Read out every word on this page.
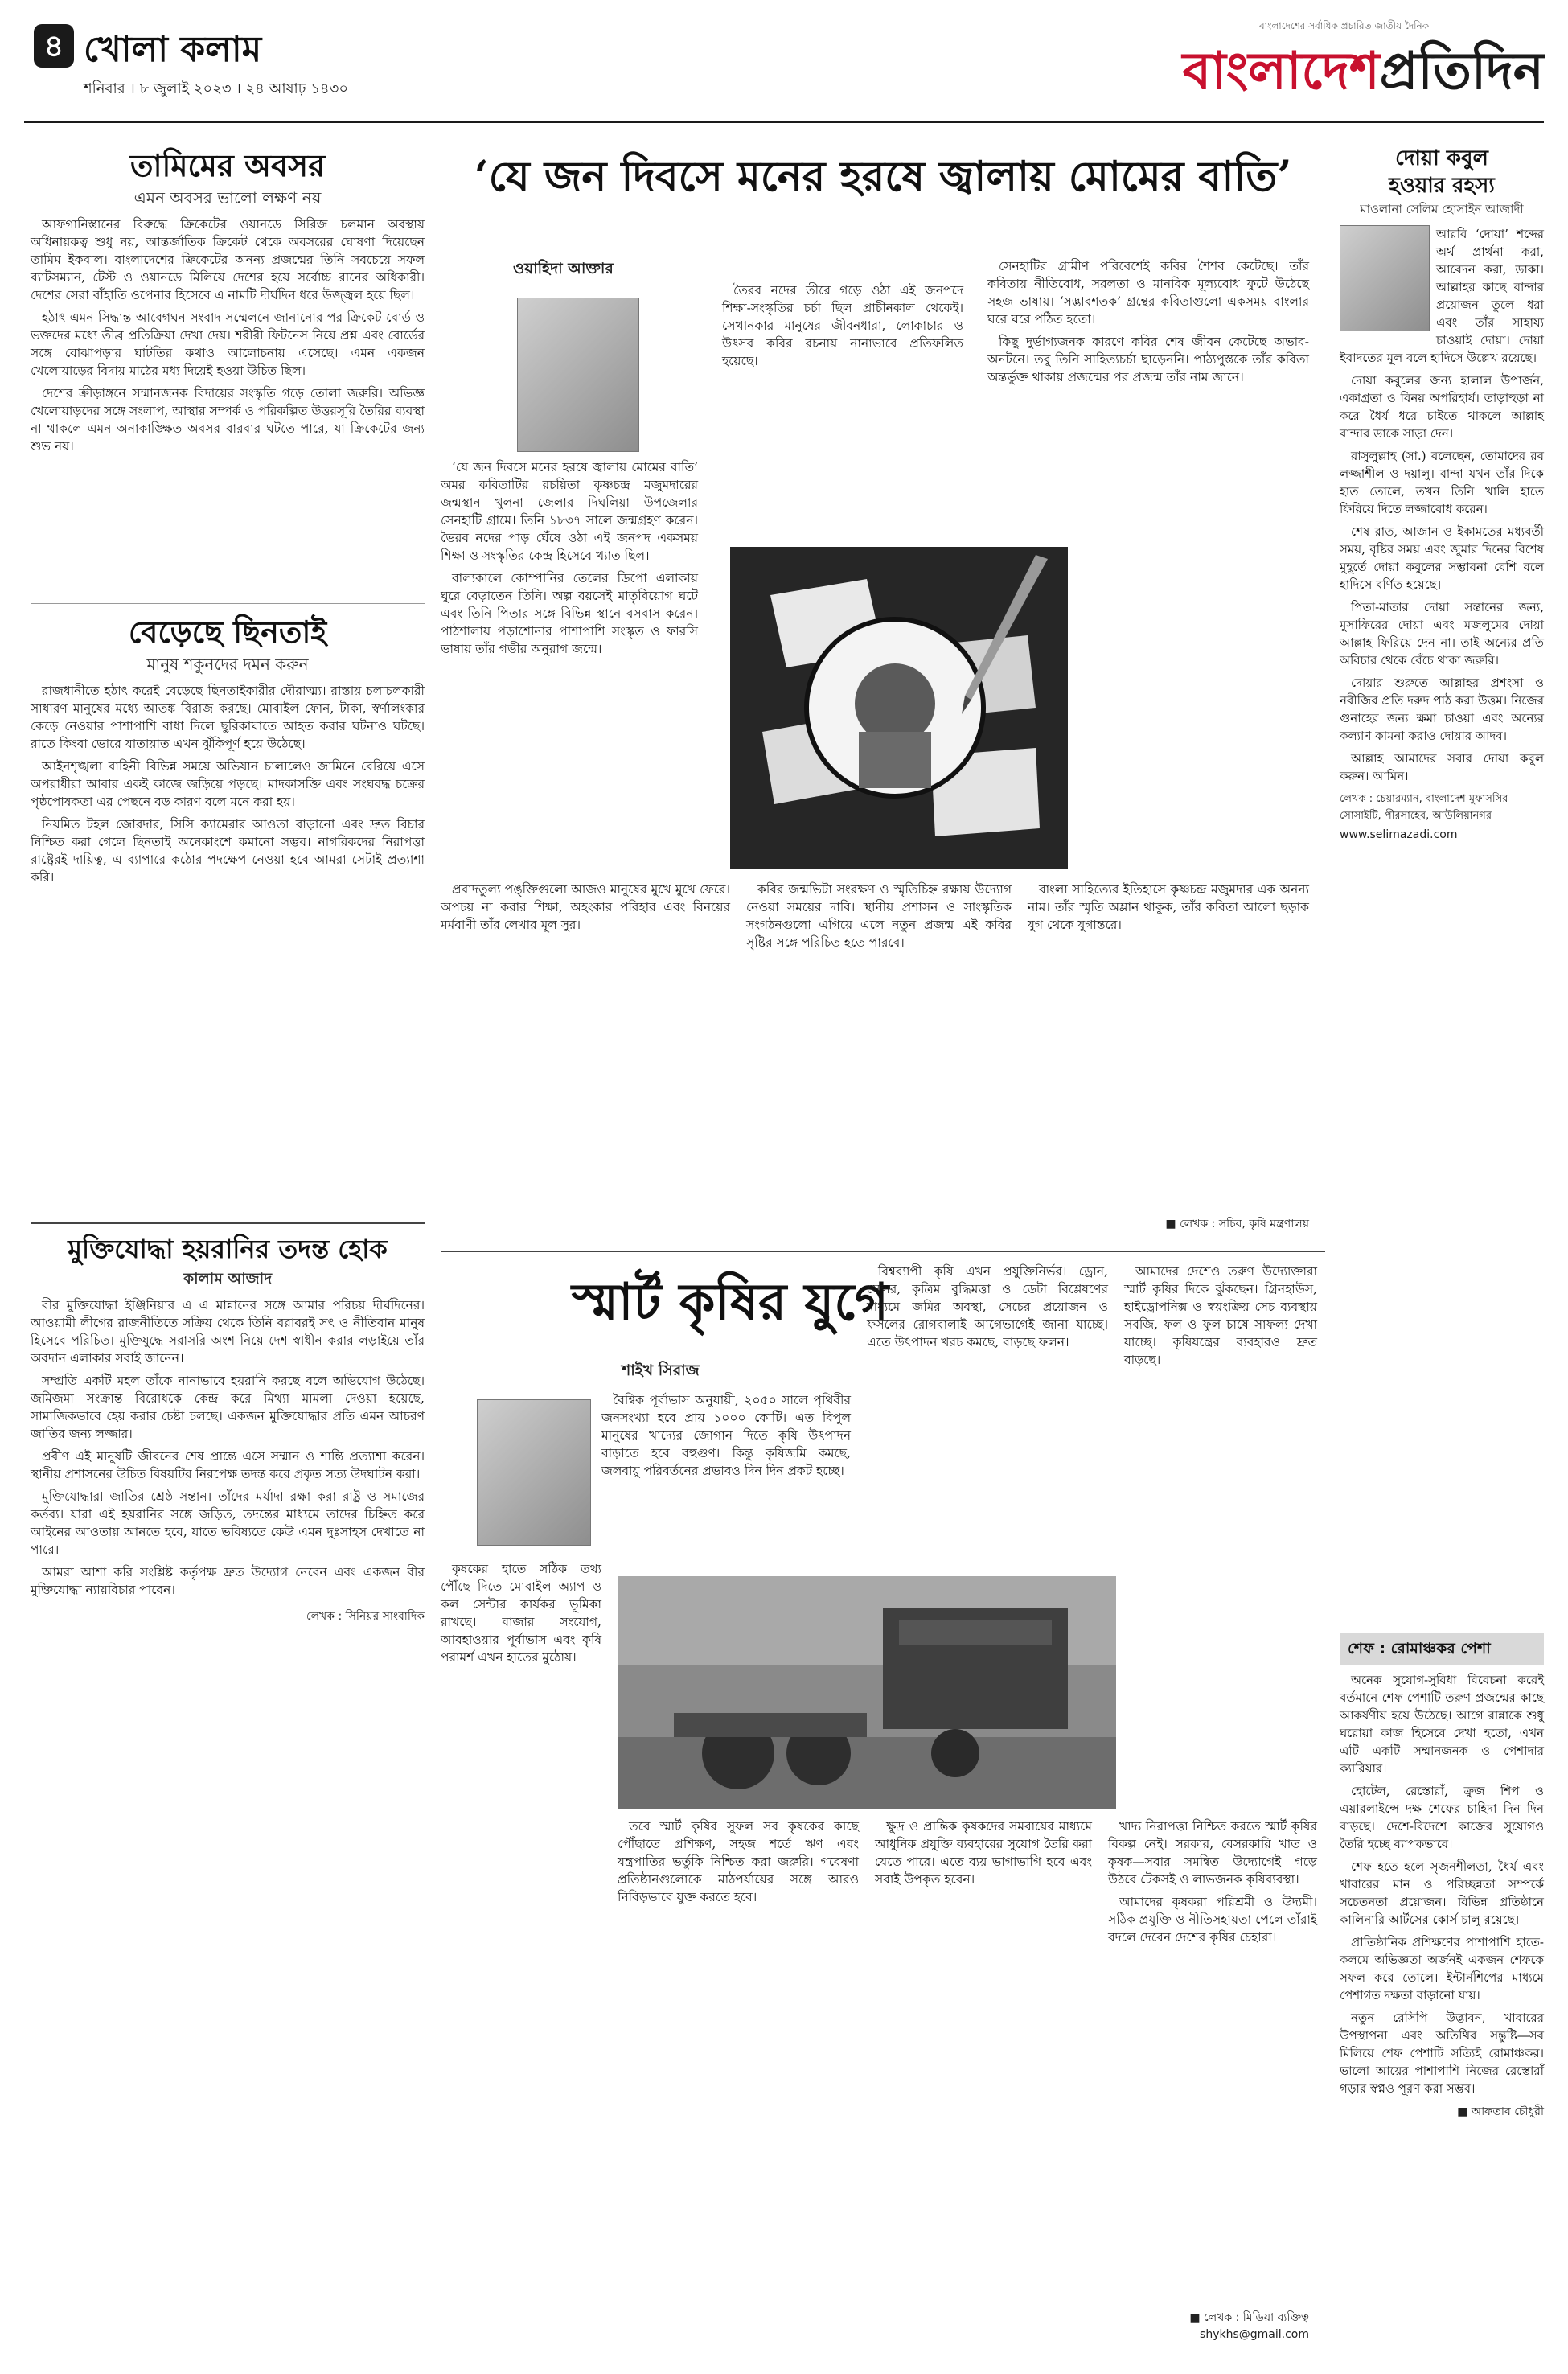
৪ খোলা কলাম
শনিবার । ৮ জুলাই ২০২৩ । ২৪ আষাঢ় ১৪৩০
বাংলাদেশের সর্বাধিক প্রচারিত জাতীয় দৈনিক
বাংলাদেশপ্রতিদিন
তামিমের অবসর
এমন অবসর ভালো লক্ষণ নয়

আফগানিস্তানের বিরুদ্ধে ক্রিকেটের ওয়ানডে সিরিজ চলমান অবস্থায় অধিনায়কত্ব শুধু নয়, আন্তর্জাতিক ক্রিকেট থেকে অবসরের ঘোষণা দিয়েছেন তামিম ইকবাল। বাংলাদেশের ক্রিকেটের অনন্য প্রজন্মের তিনি সবচেয়ে সফল ব্যাটসম্যান, টেস্ট ও ওয়ানডে মিলিয়ে দেশের হয়ে সর্বোচ্চ রানের অধিকারী। দেশের সেরা বাঁহাতি ওপেনার হিসেবে এ নামটি দীর্ঘদিন ধরে উজ্জ্বল হয়ে ছিল।

হঠাৎ এমন সিদ্ধান্ত আবেগঘন সংবাদ সম্মেলনে জানানোর পর ক্রিকেট বোর্ড ও ভক্তদের মধ্যে তীব্র প্রতিক্রিয়া দেখা দেয়। শরীরী ফিটনেস নিয়ে প্রশ্ন এবং বোর্ডের সঙ্গে বোঝাপড়ার ঘাটতির কথাও আলোচনায় এসেছে। এমন একজন খেলোয়াড়ের বিদায় মাঠের মধ্য দিয়েই হওয়া উচিত ছিল।

দেশের ক্রীড়াঙ্গনে সম্মানজনক বিদায়ের সংস্কৃতি গড়ে তোলা জরুরি। অভিজ্ঞ খেলোয়াড়দের সঙ্গে সংলাপ, আস্থার সম্পর্ক ও পরিকল্পিত উত্তরসূরি তৈরির ব্যবস্থা না থাকলে এমন অনাকাঙ্ক্ষিত অবসর বারবার ঘটতে পারে, যা ক্রিকেটের জন্য শুভ নয়।

বেড়েছে ছিনতাই
মানুষ শকুনদের দমন করুন

রাজধানীতে হঠাৎ করেই বেড়েছে ছিনতাইকারীর দৌরাত্ম্য। রাস্তায় চলাচলকারী সাধারণ মানুষের মধ্যে আতঙ্ক বিরাজ করছে। মোবাইল ফোন, টাকা, স্বর্ণালংকার কেড়ে নেওয়ার পাশাপাশি বাধা দিলে ছুরিকাঘাতে আহত করার ঘটনাও ঘটছে। রাতে কিংবা ভোরে যাতায়াত এখন ঝুঁকিপূর্ণ হয়ে উঠেছে।

আইনশৃঙ্খলা বাহিনী বিভিন্ন সময়ে অভিযান চালালেও জামিনে বেরিয়ে এসে অপরাধীরা আবার একই কাজে জড়িয়ে পড়ছে। মাদকাসক্তি এবং সংঘবদ্ধ চক্রের পৃষ্ঠপোষকতা এর পেছনে বড় কারণ বলে মনে করা হয়।

নিয়মিত টহল জোরদার, সিসি ক্যামেরার আওতা বাড়ানো এবং দ্রুত বিচার নিশ্চিত করা গেলে ছিনতাই অনেকাংশে কমানো সম্ভব। নাগরিকদের নিরাপত্তা রাষ্ট্রেরই দায়িত্ব, এ ব্যাপারে কঠোর পদক্ষেপ নেওয়া হবে আমরা সেটাই প্রত্যাশা করি।

মুক্তিযোদ্ধা হয়রানির তদন্ত হোক
কালাম আজাদ

বীর মুক্তিযোদ্ধা ইঞ্জিনিয়ার এ এ মান্নানের সঙ্গে আমার পরিচয় দীর্ঘদিনের। আওয়ামী লীগের রাজনীতিতে সক্রিয় থেকে তিনি বরাবরই সৎ ও নীতিবান মানুষ হিসেবে পরিচিত। মুক্তিযুদ্ধে সরাসরি অংশ নিয়ে দেশ স্বাধীন করার লড়াইয়ে তাঁর অবদান এলাকার সবাই জানেন।

সম্প্রতি একটি মহল তাঁকে নানাভাবে হয়রানি করছে বলে অভিযোগ উঠেছে। জমিজমা সংক্রান্ত বিরোধকে কেন্দ্র করে মিথ্যা মামলা দেওয়া হয়েছে, সামাজিকভাবে হেয় করার চেষ্টা চলছে। একজন মুক্তিযোদ্ধার প্রতি এমন আচরণ জাতির জন্য লজ্জার।

প্রবীণ এই মানুষটি জীবনের শেষ প্রান্তে এসে সম্মান ও শান্তি প্রত্যাশা করেন। স্থানীয় প্রশাসনের উচিত বিষয়টির নিরপেক্ষ তদন্ত করে প্রকৃত সত্য উদঘাটন করা।

মুক্তিযোদ্ধারা জাতির শ্রেষ্ঠ সন্তান। তাঁদের মর্যাদা রক্ষা করা রাষ্ট্র ও সমাজের কর্তব্য। যারা এই হয়রানির সঙ্গে জড়িত, তদন্তের মাধ্যমে তাদের চিহ্নিত করে আইনের আওতায় আনতে হবে, যাতে ভবিষ্যতে কেউ এমন দুঃসাহস দেখাতে না পারে।

আমরা আশা করি সংশ্লিষ্ট কর্তৃপক্ষ দ্রুত উদ্যোগ নেবেন এবং একজন বীর মুক্তিযোদ্ধা ন্যায়বিচার পাবেন।

লেখক : সিনিয়র সাংবাদিক
‘যে জন দিবসে মনের হরষে জ্বালায় মোমের বাতি’
ওয়াহিদা আক্তার

‘যে জন দিবসে মনের হরষে জ্বালায় মোমের বাতি’ অমর কবিতাটির রচয়িতা কৃষ্ণচন্দ্র মজুমদারের জন্মস্থান খুলনা জেলার দিঘলিয়া উপজেলার সেনহাটি গ্রামে। তিনি ১৮৩৭ সালে জন্মগ্রহণ করেন। ভৈরব নদের পাড় ঘেঁষে ওঠা এই জনপদ একসময় শিক্ষা ও সংস্কৃতির কেন্দ্র হিসেবে খ্যাত ছিল।

বাল্যকালে কোম্পানির তেলের ডিপো এলাকায় ঘুরে বেড়াতেন তিনি। অল্প বয়সেই মাতৃবিয়োগ ঘটে এবং তিনি পিতার সঙ্গে বিভিন্ন স্থানে বসবাস করেন। পাঠশালায় পড়াশোনার পাশাপাশি সংস্কৃত ও ফারসি ভাষায় তাঁর গভীর অনুরাগ জন্মে।

তৈরব নদের তীরে গড়ে ওঠা এই জনপদে শিক্ষা-সংস্কৃতির চর্চা ছিল প্রাচীনকাল থেকেই। সেখানকার মানুষের জীবনধারা, লোকাচার ও উৎসব কবির রচনায় নানাভাবে প্রতিফলিত হয়েছে।

সেনহাটির গ্রামীণ পরিবেশেই কবির শৈশব কেটেছে। তাঁর কবিতায় নীতিবোধ, সরলতা ও মানবিক মূল্যবোধ ফুটে উঠেছে সহজ ভাষায়। ‘সদ্ভাবশতক’ গ্রন্থের কবিতাগুলো একসময় বাংলার ঘরে ঘরে পঠিত হতো।

কিছু দুর্ভাগ্যজনক কারণে কবির শেষ জীবন কেটেছে অভাব-অনটনে। তবু তিনি সাহিত্যচর্চা ছাড়েননি। পাঠ্যপুস্তকে তাঁর কবিতা অন্তর্ভুক্ত থাকায় প্রজন্মের পর প্রজন্ম তাঁর নাম জানে।

প্রবাদতুল্য পঙ্‌ক্তিগুলো আজও মানুষের মুখে মুখে ফেরে। অপচয় না করার শিক্ষা, অহংকার পরিহার এবং বিনয়ের মর্মবাণী তাঁর লেখার মূল সুর।

কবির জন্মভিটা সংরক্ষণ ও স্মৃতিচিহ্ন রক্ষায় উদ্যোগ নেওয়া সময়ের দাবি। স্থানীয় প্রশাসন ও সাংস্কৃতিক সংগঠনগুলো এগিয়ে এলে নতুন প্রজন্ম এই কবির সৃষ্টির সঙ্গে পরিচিত হতে পারবে।

বাংলা সাহিত্যের ইতিহাসে কৃষ্ণচন্দ্র মজুমদার এক অনন্য নাম। তাঁর স্মৃতি অম্লান থাকুক, তাঁর কবিতা আলো ছড়াক যুগ থেকে যুগান্তরে।

■ লেখক : সচিব, কৃষি মন্ত্রণালয়
স্মার্ট কৃষির যুগে
শাইখ সিরাজ

বৈশ্বিক পূর্বাভাস অনুযায়ী, ২০৫০ সালে পৃথিবীর জনসংখ্যা হবে প্রায় ১০০০ কোটি। এত বিপুল মানুষের খাদ্যের জোগান দিতে কৃষি উৎপাদন বাড়াতে হবে বহুগুণ। কিন্তু কৃষিজমি কমছে, জলবায়ু পরিবর্তনের প্রভাবও দিন দিন প্রকট হচ্ছে।

বিশ্বব্যাপী কৃষি এখন প্রযুক্তিনির্ভর। ড্রোন, সেন্সর, কৃত্রিম বুদ্ধিমত্তা ও ডেটা বিশ্লেষণের মাধ্যমে জমির অবস্থা, সেচের প্রয়োজন ও ফসলের রোগবালাই আগেভাগেই জানা যাচ্ছে। এতে উৎপাদন খরচ কমছে, বাড়ছে ফলন।

আমাদের দেশেও তরুণ উদ্যোক্তারা স্মার্ট কৃষির দিকে ঝুঁকছেন। গ্রিনহাউস, হাইড্রোপনিক্স ও স্বয়ংক্রিয় সেচ ব্যবস্থায় সবজি, ফল ও ফুল চাষে সাফল্য দেখা যাচ্ছে। কৃষিযন্ত্রের ব্যবহারও দ্রুত বাড়ছে।

কৃষকের হাতে সঠিক তথ্য পৌঁছে দিতে মোবাইল অ্যাপ ও কল সেন্টার কার্যকর ভূমিকা রাখছে। বাজার সংযোগ, আবহাওয়ার পূর্বাভাস এবং কৃষি পরামর্শ এখন হাতের মুঠোয়।

তবে স্মার্ট কৃষির সুফল সব কৃষকের কাছে পৌঁছাতে প্রশিক্ষণ, সহজ শর্তে ঋণ এবং যন্ত্রপাতির ভর্তুকি নিশ্চিত করা জরুরি। গবেষণা প্রতিষ্ঠানগুলোকে মাঠপর্যায়ের সঙ্গে আরও নিবিড়ভাবে যুক্ত করতে হবে।

ক্ষুদ্র ও প্রান্তিক কৃষকদের সমবায়ের মাধ্যমে আধুনিক প্রযুক্তি ব্যবহারের সুযোগ তৈরি করা যেতে পারে। এতে ব্যয় ভাগাভাগি হবে এবং সবাই উপকৃত হবেন।

খাদ্য নিরাপত্তা নিশ্চিত করতে স্মার্ট কৃষির বিকল্প নেই। সরকার, বেসরকারি খাত ও কৃষক—সবার সমন্বিত উদ্যোগেই গড়ে উঠবে টেকসই ও লাভজনক কৃষিব্যবস্থা।

আমাদের কৃষকরা পরিশ্রমী ও উদ্যমী। সঠিক প্রযুক্তি ও নীতিসহায়তা পেলে তাঁরাই বদলে দেবেন দেশের কৃষির চেহারা।

■ লেখক : মিডিয়া ব্যক্তিত্ব
shykhs@gmail.com
দোয়া কবুল
হওয়ার রহস্য
মাওলানা সেলিম হোসাইন আজাদী

আরবি ‘দোয়া’ শব্দের অর্থ প্রার্থনা করা, আবেদন করা, ডাকা। আল্লাহর কাছে বান্দার প্রয়োজন তুলে ধরা এবং তাঁর সাহায্য চাওয়াই দোয়া। দোয়া ইবাদতের মূল বলে হাদিসে উল্লেখ রয়েছে।

দোয়া কবুলের জন্য হালাল উপার্জন, একাগ্রতা ও বিনয় অপরিহার্য। তাড়াহুড়া না করে ধৈর্য ধরে চাইতে থাকলে আল্লাহ বান্দার ডাকে সাড়া দেন।

রাসুলুল্লাহ (সা.) বলেছেন, তোমাদের রব লজ্জাশীল ও দয়ালু। বান্দা যখন তাঁর দিকে হাত তোলে, তখন তিনি খালি হাতে ফিরিয়ে দিতে লজ্জাবোধ করেন।

শেষ রাত, আজান ও ইকামতের মধ্যবর্তী সময়, বৃষ্টির সময় এবং জুমার দিনের বিশেষ মুহূর্তে দোয়া কবুলের সম্ভাবনা বেশি বলে হাদিসে বর্ণিত হয়েছে।

পিতা-মাতার দোয়া সন্তানের জন্য, মুসাফিরের দোয়া এবং মজলুমের দোয়া আল্লাহ ফিরিয়ে দেন না। তাই অন্যের প্রতি অবিচার থেকে বেঁচে থাকা জরুরি।

দোয়ার শুরুতে আল্লাহর প্রশংসা ও নবীজির প্রতি দরুদ পাঠ করা উত্তম। নিজের গুনাহের জন্য ক্ষমা চাওয়া এবং অন্যের কল্যাণ কামনা করাও দোয়ার আদব।

আল্লাহ আমাদের সবার দোয়া কবুল করুন। আমিন।

লেখক : চেয়ারম্যান, বাংলাদেশ মুফাসসির সোসাইটি, পীরসাহেব, আউলিয়ানগর
www.selimazadi.com
শেফ : রোমাঞ্চকর পেশা

অনেক সুযোগ-সুবিধা বিবেচনা করেই বর্তমানে শেফ পেশাটি তরুণ প্রজন্মের কাছে আকর্ষণীয় হয়ে উঠেছে। আগে রান্নাকে শুধু ঘরোয়া কাজ হিসেবে দেখা হতো, এখন এটি একটি সম্মানজনক ও পেশাদার ক্যারিয়ার।

হোটেল, রেস্তোরাঁ, ক্রুজ শিপ ও এয়ারলাইন্সে দক্ষ শেফের চাহিদা দিন দিন বাড়ছে। দেশে-বিদেশে কাজের সুযোগও তৈরি হচ্ছে ব্যাপকভাবে।

শেফ হতে হলে সৃজনশীলতা, ধৈর্য এবং খাবারের মান ও পরিচ্ছন্নতা সম্পর্কে সচেতনতা প্রয়োজন। বিভিন্ন প্রতিষ্ঠানে কালিনারি আর্টসের কোর্স চালু রয়েছে।

প্রাতিষ্ঠানিক প্রশিক্ষণের পাশাপাশি হাতে-কলমে অভিজ্ঞতা অর্জনই একজন শেফকে সফল করে তোলে। ইন্টার্নশিপের মাধ্যমে পেশাগত দক্ষতা বাড়ানো যায়।

নতুন রেসিপি উদ্ভাবন, খাবারের উপস্থাপনা এবং অতিথির সন্তুষ্টি—সব মিলিয়ে শেফ পেশাটি সত্যিই রোমাঞ্চকর। ভালো আয়ের পাশাপাশি নিজের রেস্তোরাঁ গড়ার স্বপ্নও পূরণ করা সম্ভব।

■ আফতাব চৌধুরী
